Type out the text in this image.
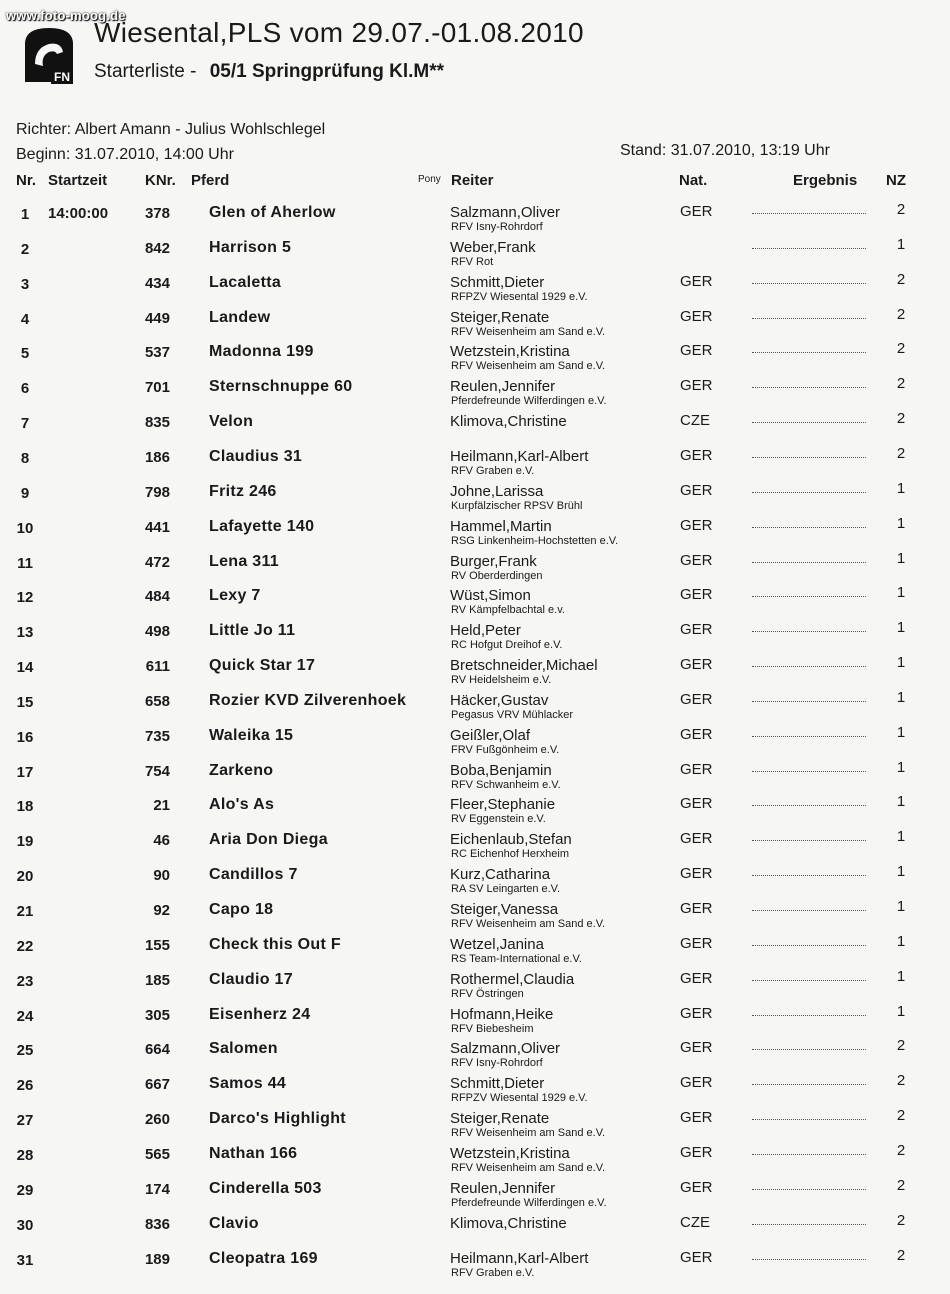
www.foto-moog.de
FN
Wiesental,PLS vom 29.07.-01.08.2010
Starterliste - 05/1 Springprüfung Kl.M**
Richter: Albert Amann - Julius Wohlschlegel
Beginn: 31.07.2010, 14:00 Uhr	Stand: 31.07.2010, 13:19 Uhr
Nr. Startzeit	KNr. Pferd	Pony Reiter	Nat.	Ergebnis NZ
1	14:00:00	378 Glen of Aherlow	Salzmann,Oliver
RFV Isny-Rohrdorf
GER	2
2	842 Harrison 5	Weber,Frank
RFV Rot
1
3	434 Lacaletta	Schmitt,Dieter
RFPZV Wiesental 1929 e.V.
GER	2
4	449 Landew	Steiger,Renate
RFV Weisenheim am Sand e.V.
GER	2
5	537 Madonna 199	Wetzstein,Kristina
RFV Weisenheim am Sand e.V.
GER	2
6	701 Sternschnuppe 60	Reulen,Jennifer
Pferdefreunde Wilferdingen e.V.
GER	2
7	835 Velon	Klimova,Christine	CZE	2
8	186 Claudius 31	Heilmann,Karl-Albert
RFV Graben e.V.
GER	2
9	798 Fritz 246	Johne,Larissa
Kurpfälzischer RPSV Brühl
GER	1
10	441 Lafayette 140	Hammel,Martin
RSG Linkenheim-Hochstetten e.V.
GER	1
11	472 Lena 311	Burger,Frank
RV Oberderdingen
GER	1
12	484 Lexy 7	Wüst,Simon
RV Kämpfelbachtal e.v.
GER	1
13	498 Little Jo 11	Held,Peter
RC Hofgut Dreihof e.V.
GER	1
14	611 Quick Star 17	Bretschneider,Michael
RV Heidelsheim e.V.
GER	1
15	658 Rozier KVD Zilverenhoek	Häcker,Gustav
Pegasus VRV Mühlacker
GER	1
16	735 Waleika 15	Geißler,Olaf
FRV Fußgönheim e.V.
GER	1
17	754 Zarkeno	Boba,Benjamin
RFV Schwanheim e.V.
GER	1
18	21 Alo's As	Fleer,Stephanie
RV Eggenstein e.V.
GER	1
19	46 Aria Don Diega	Eichenlaub,Stefan
RC Eichenhof Herxheim
GER	1
20	90 Candillos 7	Kurz,Catharina
RA SV Leingarten e.V.
GER	1
21	92 Capo 18	Steiger,Vanessa
RFV Weisenheim am Sand e.V.
GER	1
22	155 Check this Out F	Wetzel,Janina
RS Team-International e.V.
GER	1
23	185 Claudio 17	Rothermel,Claudia
RFV Östringen
GER	1
24	305 Eisenherz 24	Hofmann,Heike
RFV Biebesheim
GER	1
25	664 Salomen	Salzmann,Oliver
RFV Isny-Rohrdorf
GER	2
26	667 Samos 44	Schmitt,Dieter
RFPZV Wiesental 1929 e.V.
GER	2
27	260 Darco's Highlight	Steiger,Renate
RFV Weisenheim am Sand e.V.
GER	2
28	565 Nathan 166	Wetzstein,Kristina
RFV Weisenheim am Sand e.V.
GER	2
29	174 Cinderella 503	Reulen,Jennifer
Pferdefreunde Wilferdingen e.V.
GER	2
30	836 Clavio	Klimova,Christine	CZE	2
31	189 Cleopatra 169	Heilmann,Karl-Albert
RFV Graben e.V.
GER	2
